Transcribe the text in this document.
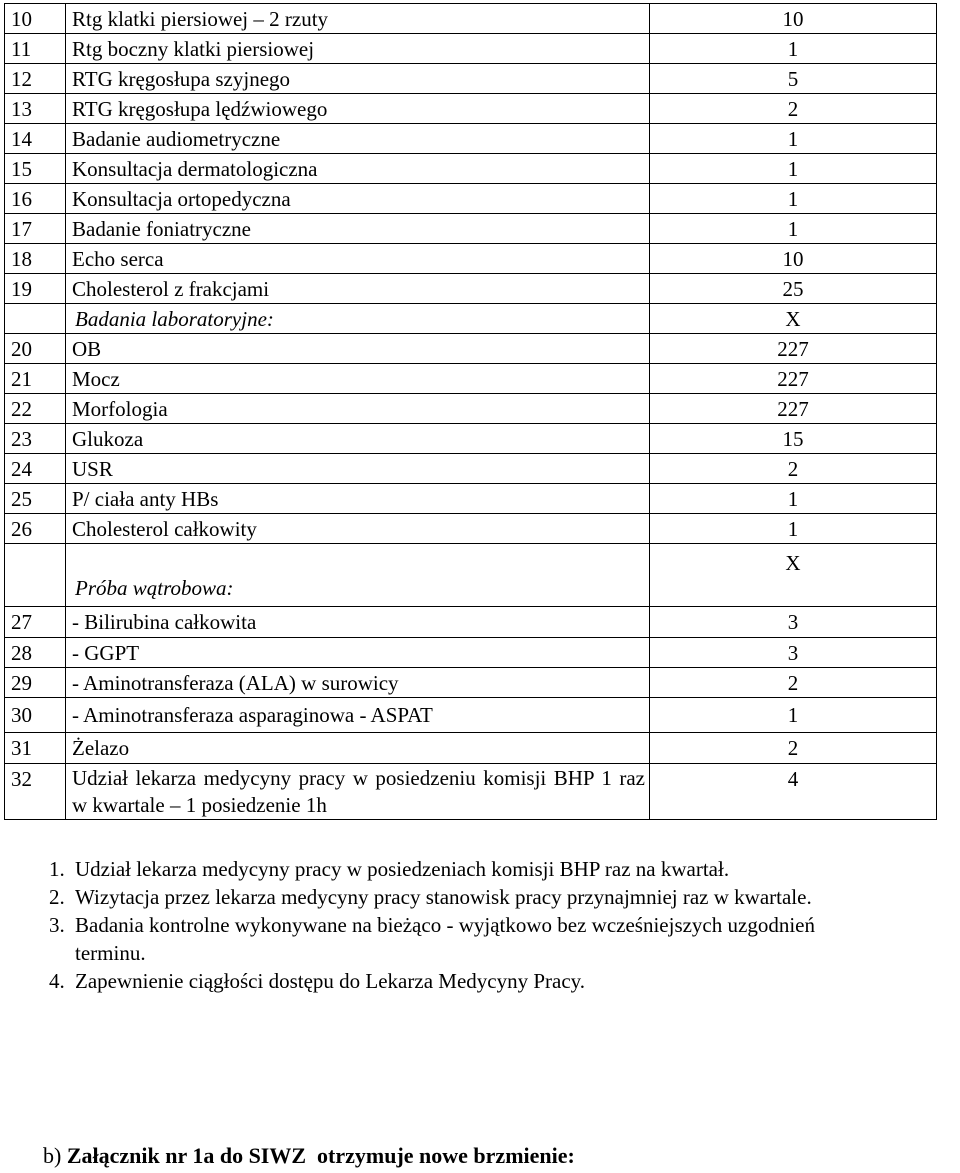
10	Rtg klatki piersiowej – 2 rzuty	10
11	Rtg boczny klatki piersiowej	1
12	RTG kręgosłupa szyjnego	5
13	RTG kręgosłupa lędźwiowego	2
14	Badanie audiometryczne	1
15	Konsultacja dermatologiczna	1
16	Konsultacja ortopedyczna	1
17	Badanie foniatryczne	1
18	Echo serca	10
19	Cholesterol z frakcjami	25
	Badania laboratoryjne:	X
20	OB	227
21	Mocz	227
22	Morfologia	227
23	Glukoza	15
24	USR	2
25	P/ ciała anty HBs	1
26	Cholesterol całkowity	1
	Próba wątrobowa:	X
27	- Bilirubina całkowita	3
28	- GGPT	3
29	- Aminotransferaza (ALA) w surowicy	2
30	- Aminotransferaza asparaginowa - ASPAT	1
31	Żelazo	2
32	Udział lekarza medycyny pracy w posiedzeniu komisji BHP 1 raz w kwartale – 1 posiedzenie 1h	4
1. Udział lekarza medycyny pracy w posiedzeniach komisji BHP raz na kwartał.
2. Wizytacja przez lekarza medycyny pracy stanowisk pracy przynajmniej raz w kwartale.
3. Badania kontrolne wykonywane na bieżąco - wyjątkowo bez wcześniejszych uzgodnień
terminu.
4. Zapewnienie ciągłości dostępu do Lekarza Medycyny Pracy.
b) Załącznik nr 1a do SIWZ  otrzymuje nowe brzmienie:
